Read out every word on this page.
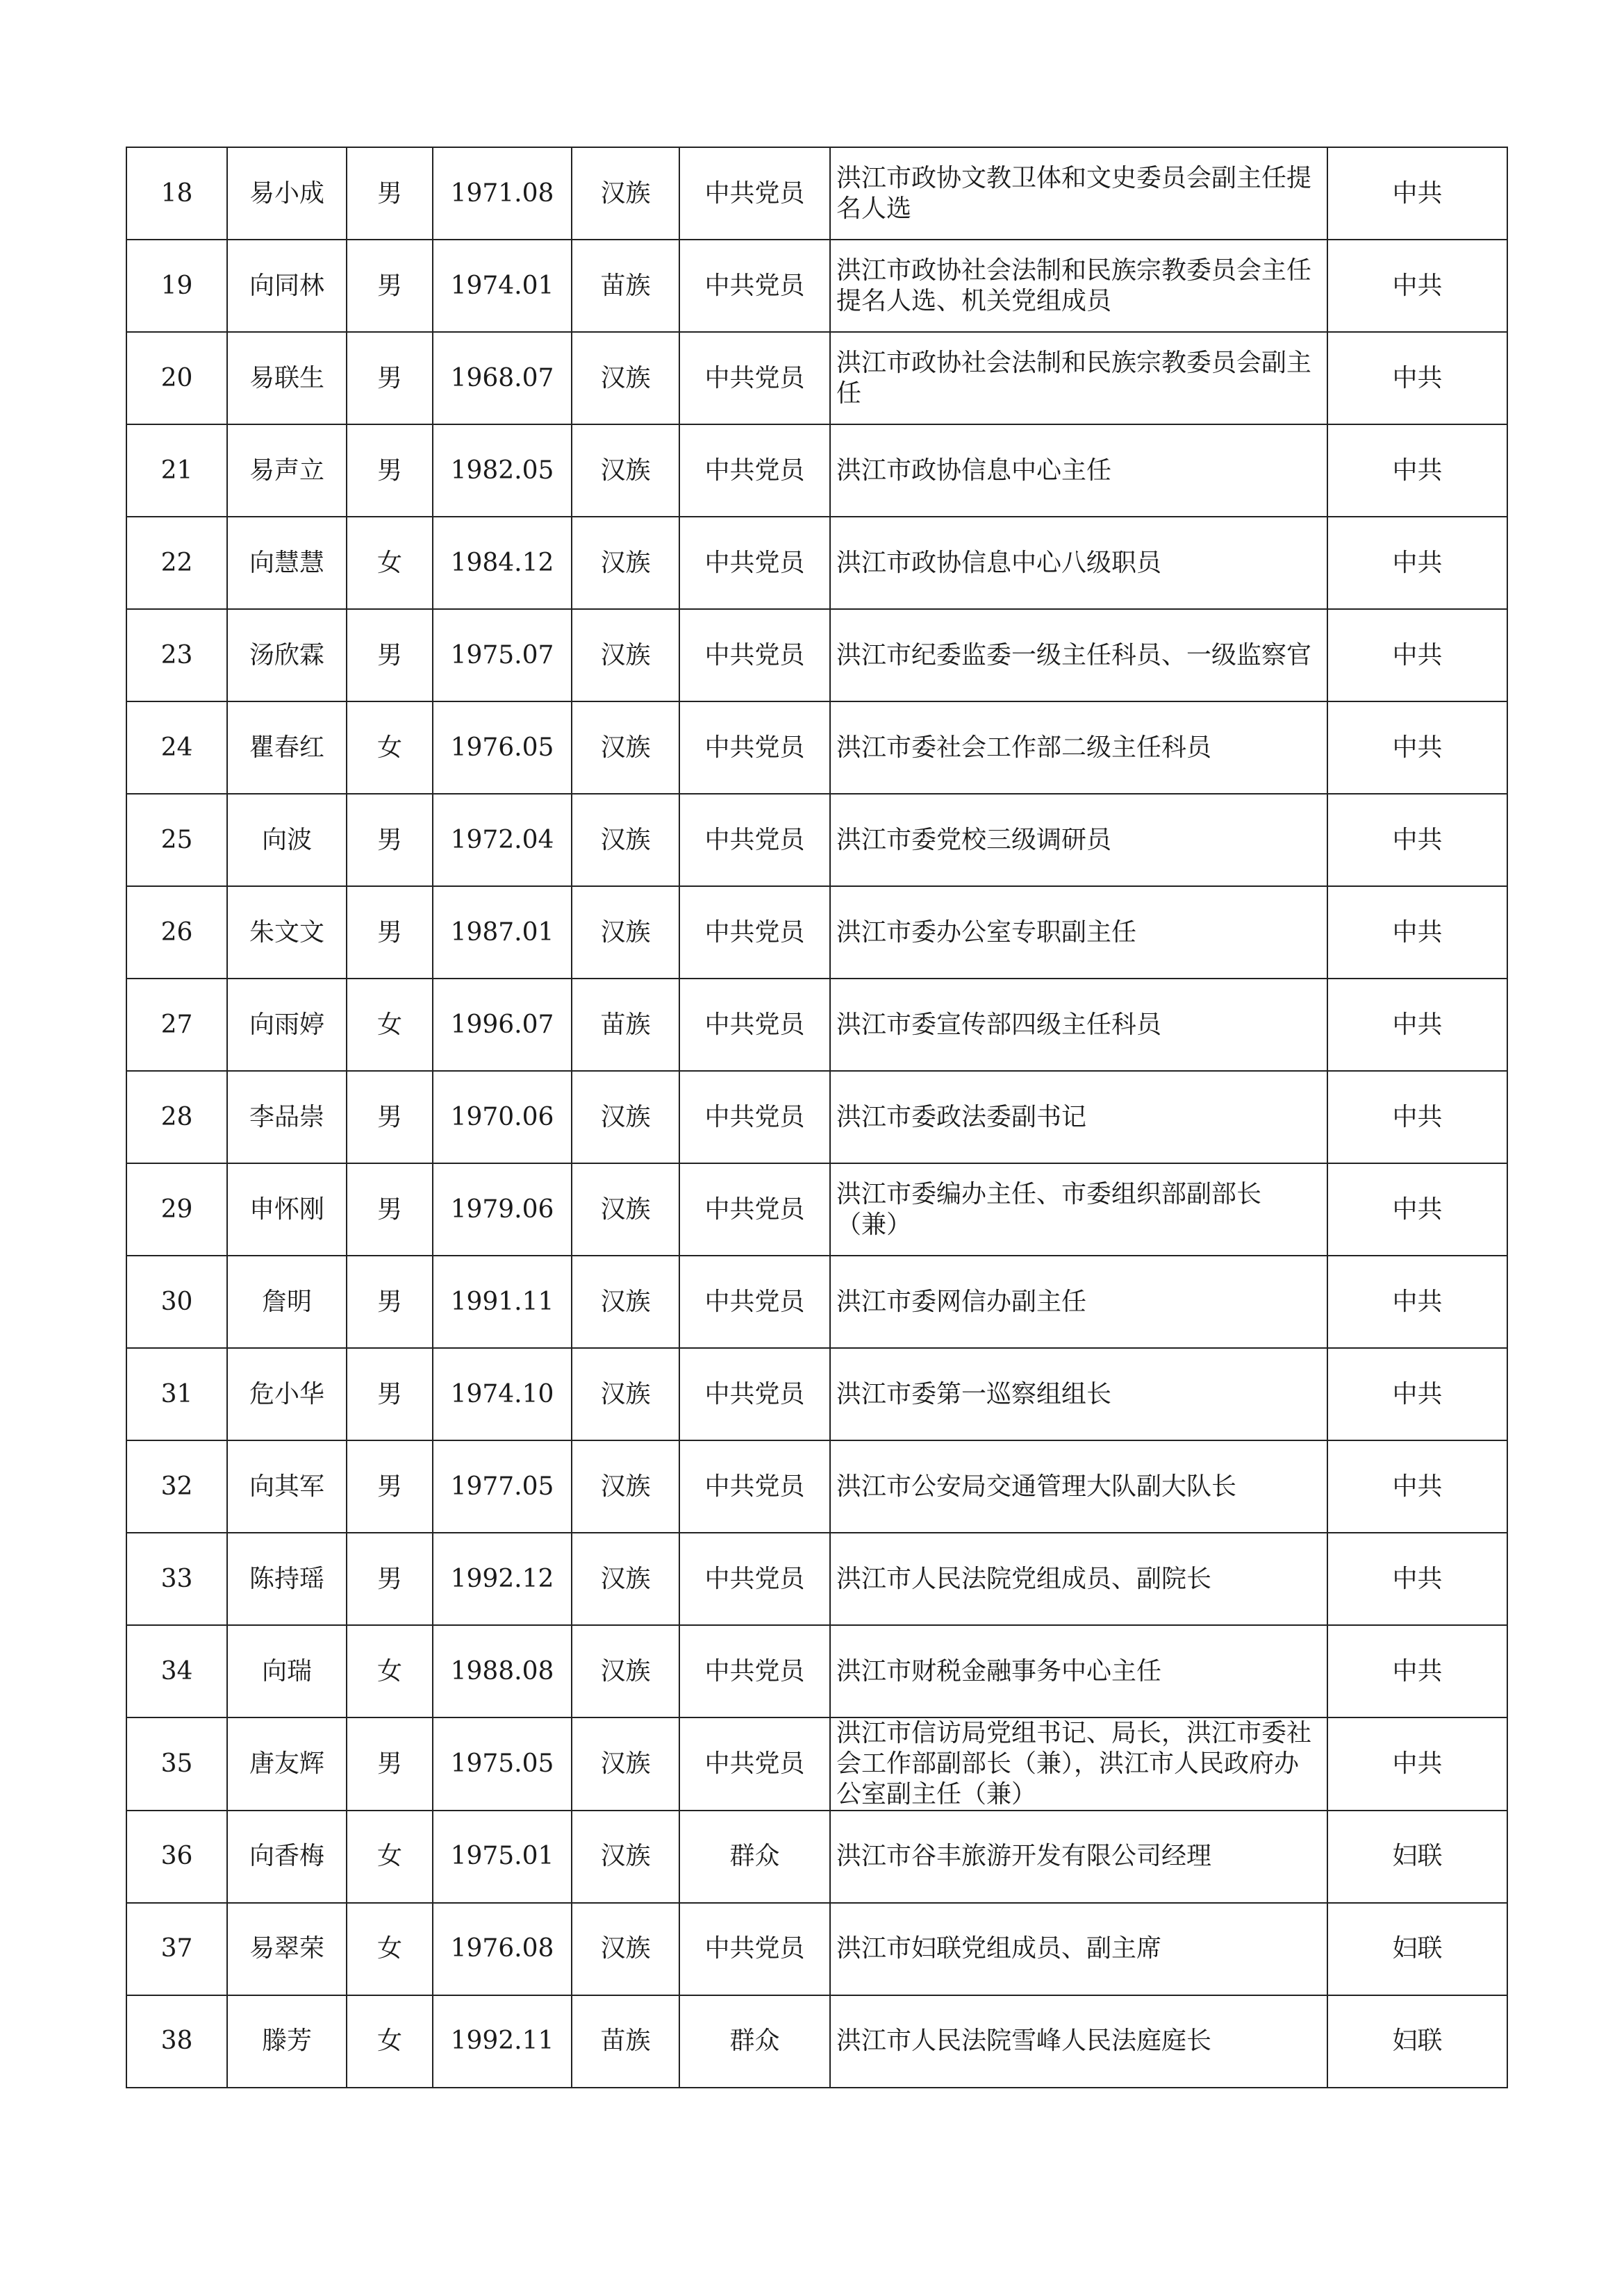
18	易小成	男	1971.08	汉族	中共党员	洪江市政协文教卫体和文史委员会副主任提名人选	中共
19	向同林	男	1974.01	苗族	中共党员	洪江市政协社会法制和民族宗教委员会主任提名人选、机关党组成员	中共
20	易联生	男	1968.07	汉族	中共党员	洪江市政协社会法制和民族宗教委员会副主任	中共
21	易声立	男	1982.05	汉族	中共党员	洪江市政协信息中心主任	中共
22	向慧慧	女	1984.12	汉族	中共党员	洪江市政协信息中心八级职员	中共
23	汤欣霖	男	1975.07	汉族	中共党员	洪江市纪委监委一级主任科员、一级监察官	中共
24	瞿春红	女	1976.05	汉族	中共党员	洪江市委社会工作部二级主任科员	中共
25	向波	男	1972.04	汉族	中共党员	洪江市委党校三级调研员	中共
26	朱文文	男	1987.01	汉族	中共党员	洪江市委办公室专职副主任	中共
27	向雨婷	女	1996.07	苗族	中共党员	洪江市委宣传部四级主任科员	中共
28	李品崇	男	1970.06	汉族	中共党员	洪江市委政法委副书记	中共
29	申怀刚	男	1979.06	汉族	中共党员	洪江市委编办主任、市委组织部副部长（兼）	中共
30	詹明	男	1991.11	汉族	中共党员	洪江市委网信办副主任	中共
31	危小华	男	1974.10	汉族	中共党员	洪江市委第一巡察组组长	中共
32	向其军	男	1977.05	汉族	中共党员	洪江市公安局交通管理大队副大队长	中共
33	陈持瑶	男	1992.12	汉族	中共党员	洪江市人民法院党组成员、副院长	中共
34	向瑞	女	1988.08	汉族	中共党员	洪江市财税金融事务中心主任	中共
35	唐友辉	男	1975.05	汉族	中共党员	洪江市信访局党组书记、局长，洪江市委社会工作部副部长（兼），洪江市人民政府办公室副主任（兼）	中共
36	向香梅	女	1975.01	汉族	群众	洪江市谷丰旅游开发有限公司经理	妇联
37	易翠荣	女	1976.08	汉族	中共党员	洪江市妇联党组成员、副主席	妇联
38	滕芳	女	1992.11	苗族	群众	洪江市人民法院雪峰人民法庭庭长	妇联
